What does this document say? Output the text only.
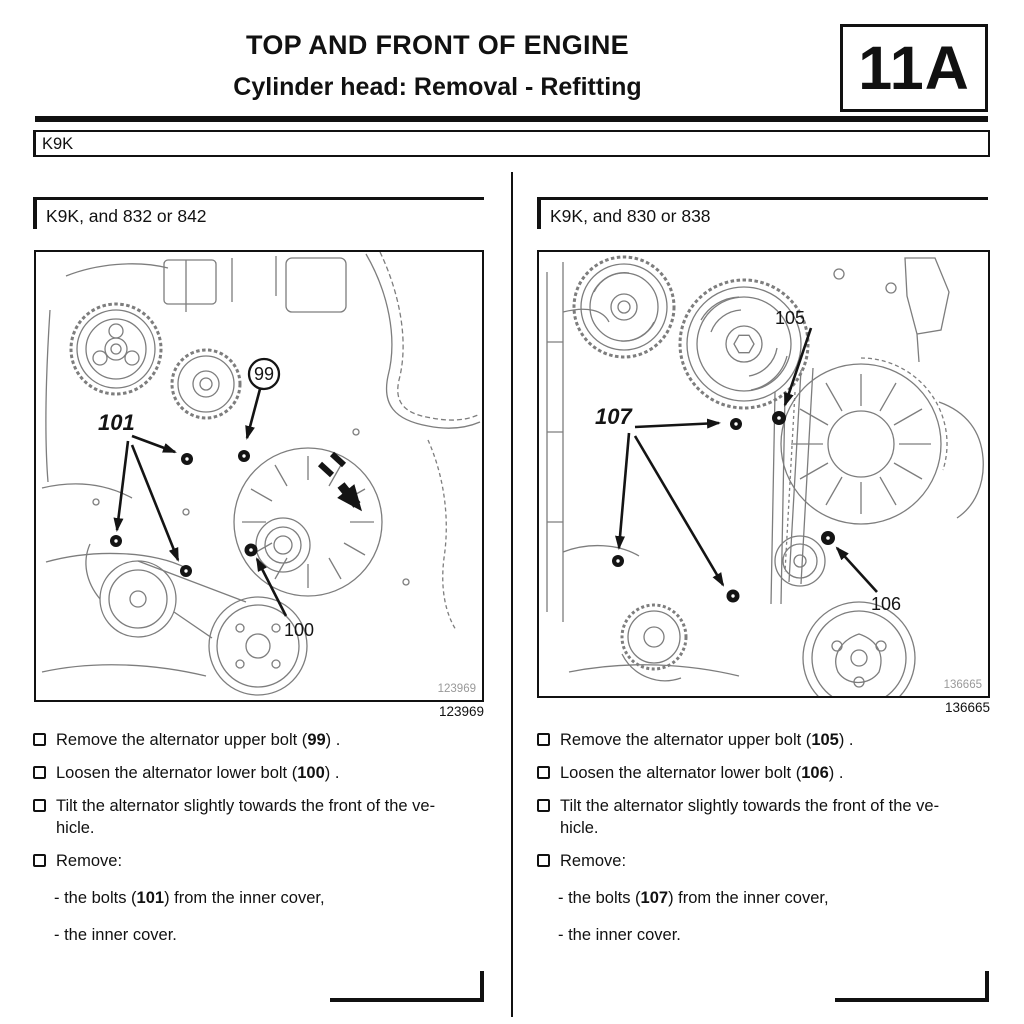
TOP AND FRONT OF ENGINE
Cylinder head: Removal - Refitting	11A
K9K
K9K, and 832 or 842	K9K, and 830 or 838
99
101
100
123969
123969
105
107
106
136665
136665
Remove the alternator upper bolt (99) .
Loosen the alternator lower bolt (100) .
Tilt the alternator slightly towards the front of the ve-
hicle.
Remove:
- the bolts (101) from the inner cover,
- the inner cover.
Remove the alternator upper bolt (105) .
Loosen the alternator lower bolt (106) .
Tilt the alternator slightly towards the front of the ve-
hicle.
Remove:
- the bolts (107) from the inner cover,
- the inner cover.
